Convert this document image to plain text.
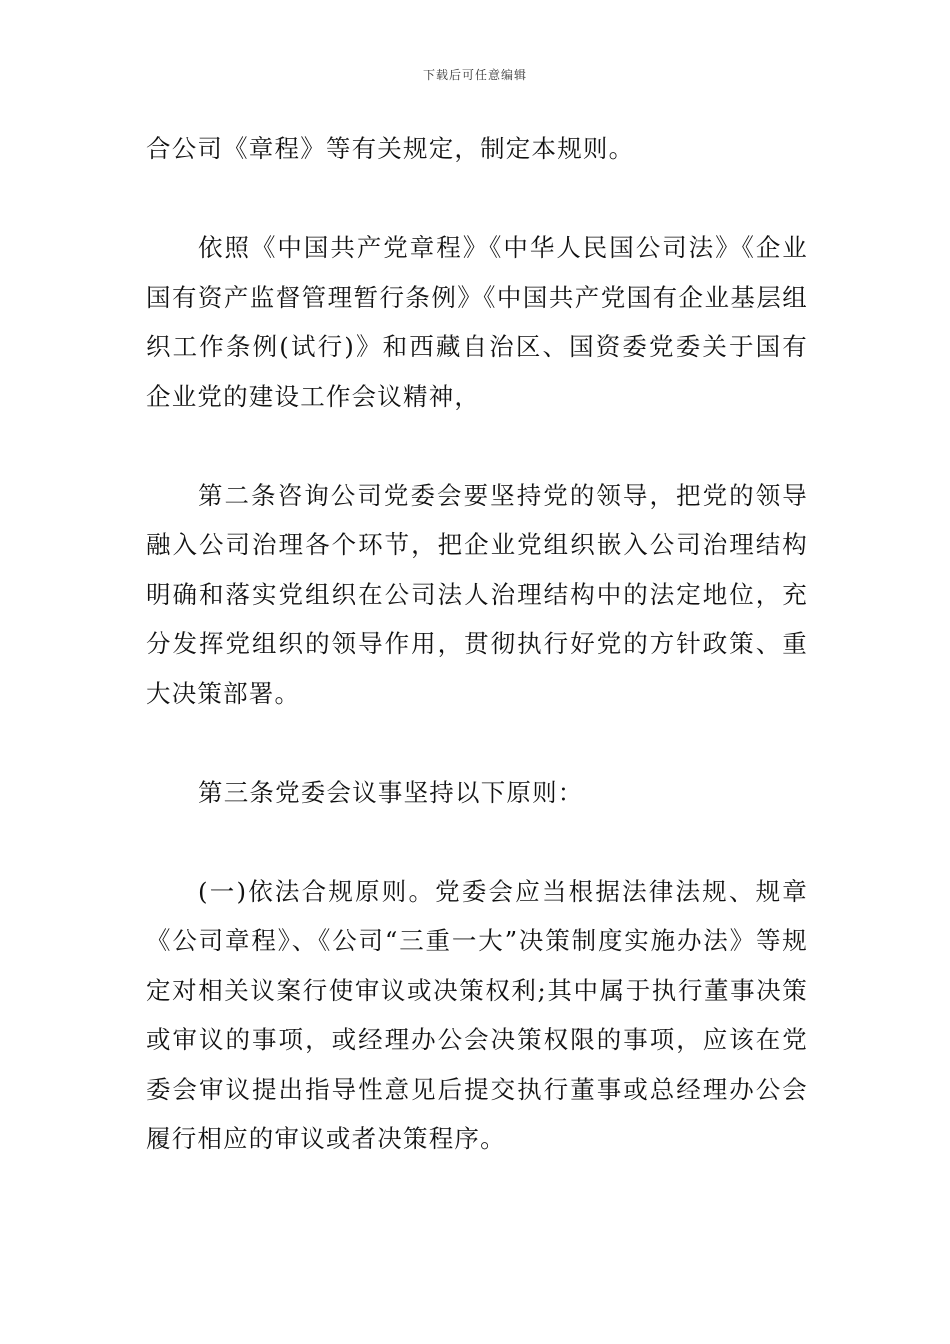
下载后可任意编辑

合公司《章程》等有关规定，制定本规则。

依照《中国共产党章程》《中华人民国公司法》《企业国有资产监督管理暂行条例》《中国共产党国有企业基层组织工作条例(试行)》和西藏自治区、国资委党委关于国有企业党的建设工作会议精神，

第二条咨询公司党委会要坚持党的领导，把党的领导融入公司治理各个环节，把企业党组织嵌入公司治理结构明确和落实党组织在公司法人治理结构中的法定地位，充分发挥党组织的领导作用，贯彻执行好党的方针政策、重大决策部署。

第三条党委会议事坚持以下原则：

(一)依法合规原则。党委会应当根据法律法规、规章《公司章程》、《公司“三重一大”决策制度实施办法》等规定对相关议案行使审议或决策权利;其中属于执行董事决策或审议的事项，或经理办公会决策权限的事项，应该在党委会审议提出指导性意见后提交执行董事或总经理办公会履行相应的审议或者决策程序。
